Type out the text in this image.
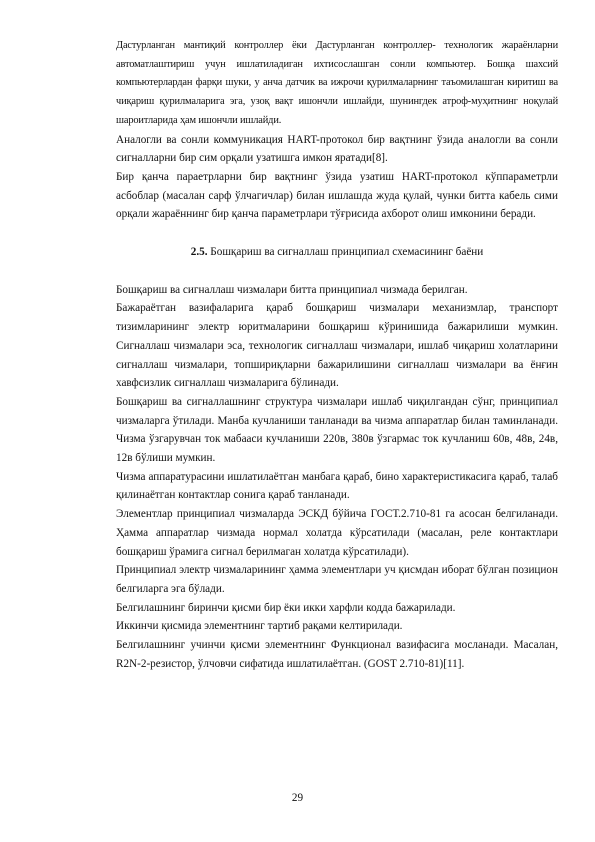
Дастурланган мантиқий контроллер ёки Дастурланган контроллер- технологик жараёнларни автоматлаштириш учун ишлатиладиган ихтисослашган сонли компьютер. Бошқа шахсий компьютерлардан фарқи шуки, у анча датчик ва ижрочи қурилмаларнинг таъомилашган киритиш ва чиқариш қурилмаларига эга, узоқ вақт ишончли ишлайди, шунингдек атроф-муҳитнинг ноқулай шароитларида ҳам ишончли ишлайди.

Аналогли ва сонли коммуникация HART-протокол бир вақтнинг ўзида аналогли ва сонли сигналларни бир сим орқали узатишга имкон яратади[8].

Бир қанча параетрларни бир вақтнинг ўзида узатиш HART-протокол кўппараметрли асбоблар (масалан сарф ўлчагичлар) билан ишлашда жуда қулай, чунки битта кабель сими орқали жараённинг бир қанча параметрлари тўғрисида ахборот олиш имконини беради.

2.5. Бошқариш ва сигналлаш принципиал схемасининг баёни

Бошқариш ва сигналлаш чизмалари битта принципиал чизмада берилган.

Бажараётган вазифаларига қараб бошқариш чизмалари механизмлар, транспорт тизимларининг электр юритмаларини бошқариш кўринишида бажарилиши мумкин. Сигналлаш чизмалари эса, технологик сигналлаш чизмалари, ишлаб чиқариш холатларини сигналлаш чизмалари, топшириқларни бажарилишини сигналлаш чизмалари ва ёнғин хавфсизлик сигналлаш чизмаларига бўлинади.

Бошқариш ва сигналлашнинг структура чизмалари ишлаб чиқилгандан сўнг, принципиал чизмаларга ўтилади. Манба кучланиши танланади ва чизма аппаратлар билан таминланади. Чизма ўзгарувчан ток мабааси кучланиши 220в, 380в ўзгармас ток кучланиш 60в, 48в, 24в, 12в бўлиши мумкин.

Чизма аппаратурасини ишлатилаётган манбага қараб, бино характеристикасига қараб, талаб қилинаётган контактлар сонига қараб танланади.

Элементлар принципиал чизмаларда ЭСКД бўйича ГОСТ.2.710-81 га асосан белгиланади. Ҳамма аппаратлар чизмада нормал холатда кўрсатилади (масалан, реле контактлари бошқариш ўрамига сигнал берилмаган холатда кўрсатилади).

Принципиал электр чизмаларининг ҳамма элементлари уч қисмдан иборат бўлган позицион белгиларга эга бўлади.

Белгилашнинг биринчи қисми бир ёки икки харфли кодда бажарилади.

Иккинчи қисмида элементнинг тартиб рақами келтирилади.

Белгилашнинг учинчи қисми элементнинг Функционал вазифасига мосланади. Масалан, R2N-2-резистор, ўлчовчи сифатида ишлатилаётган. (GOST 2.710-81)[11].

29
